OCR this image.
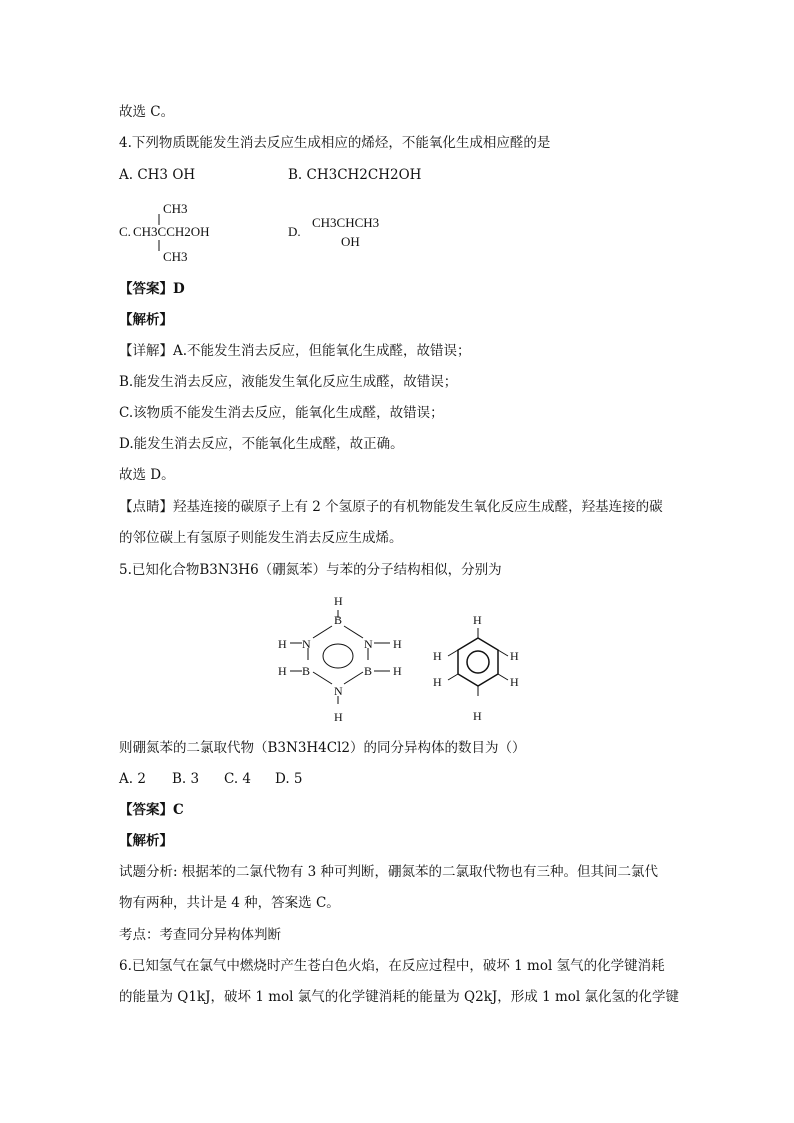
故选 C。
4.下列物质既能发生消去反应生成相应的烯烃，不能氧化生成相应醛的是
A. CH3 OH	B. CH3CH2CH2OH
C.
CH3
CH3CCH2OH
CH3
D.
CH3CHCH3
OH
【答案】D
【解析】
【详解】A.不能发生消去反应，但能氧化生成醛，故错误；
B.能发生消去反应，液能发生氧化反应生成醛，故错误；
C.该物质不能发生消去反应，能氧化生成醛，故错误；
D.能发生消去反应，不能氧化生成醛，故正确。
故选 D。
【点睛】羟基连接的碳原子上有 2 个氢原子的有机物能发生氧化反应生成醛，羟基连接的碳
的邻位碳上有氢原子则能发生消去反应生成烯。
5.已知化合物B3N3H6（硼氮苯）与苯的分子结构相似，分别为
H
B
N	N
H	H
B	B
H	H
N
H
H
H
H
H
H
H
则硼氮苯的二氯取代物（B3N3H4Cl2）的同分异构体的数目为（）
A. 2 B. 3 C. 4 D. 5
【答案】C
【解析】
试题分析: 根据苯的二氯代物有 3 种可判断，硼氮苯的二氯取代物也有三种。但其间二氯代
物有两种，共计是 4 种，答案选 C。
考点：考查同分异构体判断
6.已知氢气在氯气中燃烧时产生苍白色火焰，在反应过程中，破坏 1 mol 氢气的化学键消耗
的能量为 Q1kJ，破坏 1 mol 氯气的化学键消耗的能量为 Q2kJ，形成 1 mol 氯化氢的化学键
